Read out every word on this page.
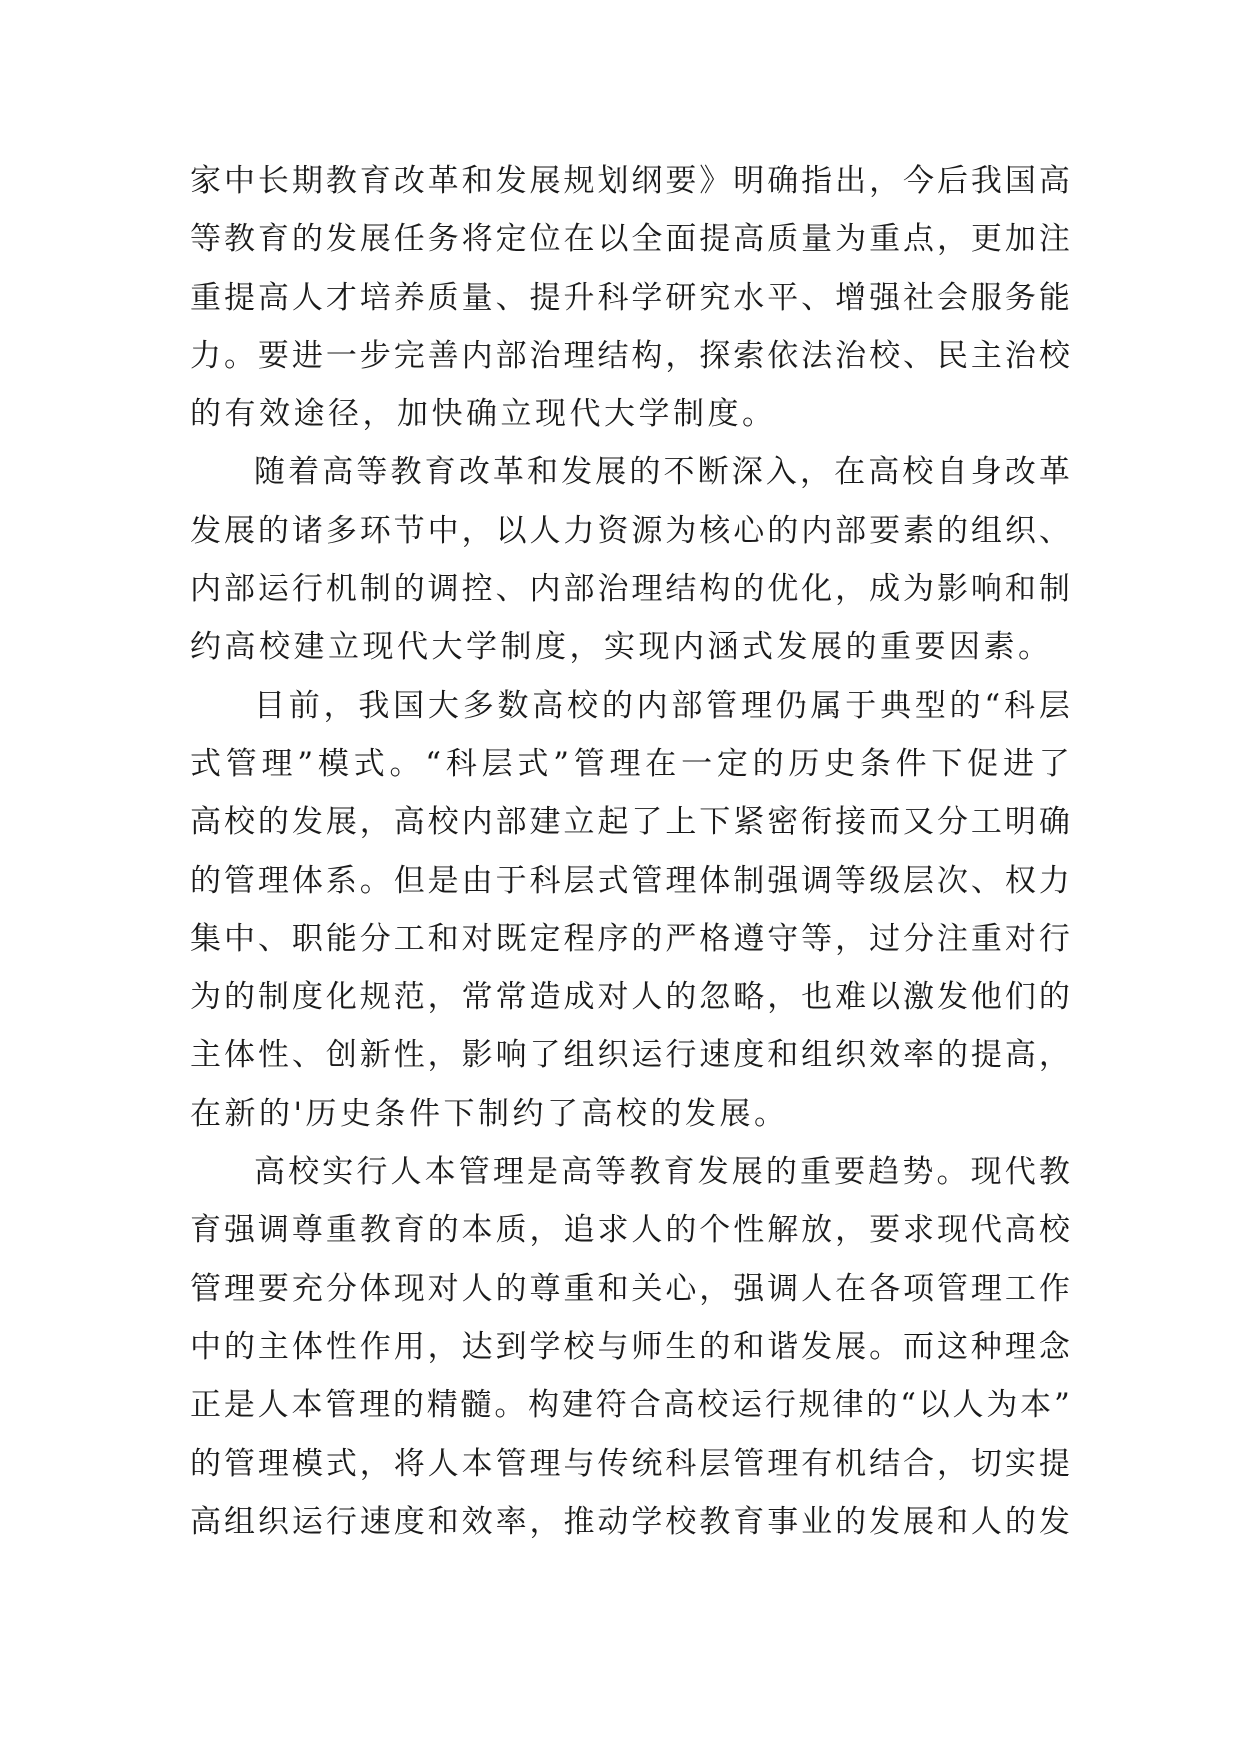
家 中 长 期 教 育 改 革 和 发 展 规 划 纲 要 》 明 确 指 出 ， 今 后 我 国 高
等 教 育 的 发 展 任 务 将 定 位 在 以 全 面 提 高 质 量 为 重 点 ， 更 加 注
重 提 高 人 才 培 养 质 量 、 提 升 科 学 研 究 水 平 、 增 强 社 会 服 务 能
力 。 要 进 一 步 完 善 内 部 治 理 结 构 ， 探 索 依 法 治 校 、 民 主 治 校
的有效途径，加快确立现代大学制度。
随 着 高 等 教 育 改 革 和 发 展 的 不 断 深 入 ， 在 高 校 自 身 改 革
发 展 的 诸 多 环 节 中 ， 以 人 力 资 源 为 核 心 的 内 部 要 素 的 组 织 、
内 部 运 行 机 制 的 调 控 、 内 部 治 理 结 构 的 优 化 ， 成 为 影 响 和 制
约高校建立现代大学制度，实现内涵式发展的重要因素。
目 前 ， 我 国 大 多 数 高 校 的 内 部 管 理 仍 属 于 典 型 的 “ 科 层
式 管 理 ” 模 式 。 “ 科 层 式 ” 管 理 在 一 定 的 历 史 条 件 下 促 进 了
高 校 的 发 展 ， 高 校 内 部 建 立 起 了 上 下 紧 密 衔 接 而 又 分 工 明 确
的 管 理 体 系 。 但 是 由 于 科 层 式 管 理 体 制 强 调 等 级 层 次 、 权 力
集 中 、 职 能 分 工 和 对 既 定 程 序 的 严 格 遵 守 等 ， 过 分 注 重 对 行
为 的 制 度 化 规 范 ， 常 常 造 成 对 人 的 忽 略 ， 也 难 以 激 发 他 们 的
主 体 性 、 创 新 性 ， 影 响 了 组 织 运 行 速 度 和 组 织 效 率 的 提 高 ，
在新的'历史条件下制约了高校的发展。
高 校 实 行 人 本 管 理 是 高 等 教 育 发 展 的 重 要 趋 势 。 现 代 教
育 强 调 尊 重 教 育 的 本 质 ， 追 求 人 的 个 性 解 放 ， 要 求 现 代 高 校
管 理 要 充 分 体 现 对 人 的 尊 重 和 关 心 ， 强 调 人 在 各 项 管 理 工 作
中 的 主 体 性 作 用 ， 达 到 学 校 与 师 生 的 和 谐 发 展 。 而 这 种 理 念
正 是 人 本 管 理 的 精 髓 。 构 建 符 合 高 校 运 行 规 律 的 “ 以 人 为 本 ”
的 管 理 模 式 ， 将 人 本 管 理 与 传 统 科 层 管 理 有 机 结 合 ， 切 实 提
高 组 织 运 行 速 度 和 效 率 ， 推 动 学 校 教 育 事 业 的 发 展 和 人 的 发
